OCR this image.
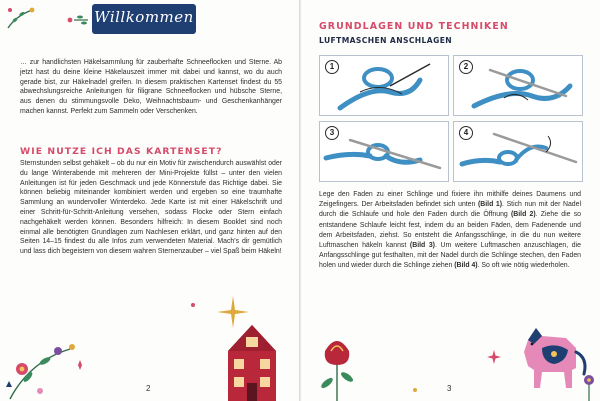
Willkommen

… zur handlichsten Häkelsammlung für zauberhafte Schneeflocken und Sterne. Ab jetzt hast du deine kleine Häkelauszeit immer mit dabei und kannst, wo du auch gerade bist, zur Häkelnadel greifen. In diesem praktischen Kartenset findest du 55 abwechslungsreiche Anleitungen für filigrane Schneeflocken und hübsche Sterne, aus denen du stimmungsvolle Deko, Weihnachtsbaum- und Geschenkanhänger machen kannst. Perfekt zum Sammeln oder Verschenken.

WIE NUTZE ICH DAS KARTENSET?

Sternstunden selbst gehäkelt – ob du nur ein Motiv für zwischendurch auswählst oder du lange Winterabende mit mehreren der Mini-Projekte füllst – unter den vielen Anleitungen ist für jeden Geschmack und jede Könnerstufe das Richtige dabei. Sie können beliebig miteinander kombiniert werden und ergeben so eine traumhafte Sammlung an wundervoller Winterdeko. Jede Karte ist mit einer Häkelschrift und einer Schritt-für-Schritt-Anleitung versehen, sodass Flocke oder Stern einfach nachgehäkelt werden können. Besonders hilfreich: In diesem Booklet sind noch einmal alle benötigten Grundlagen zum Nachlesen erklärt, und ganz hinten auf den Seiten 14–15 findest du alle Infos zum verwendeten Material. Mach's dir gemütlich und lass dich begeistern von diesem wahren Sternenzauber – viel Spaß beim Häkeln!

2
GRUNDLAGEN UND TECHNIKEN
LUFTMASCHEN ANSCHLAGEN
1	2
3	4

Lege den Faden zu einer Schlinge und fixiere ihn mithilfe deines Daumens und Zeigefingers. Der Arbeitsfaden befindet sich unten (Bild 1). Stich nun mit der Nadel durch die Schlaufe und hole den Faden durch die Öffnung (Bild 2). Ziehe die so entstandene Schlaufe leicht fest, indem du an beiden Fäden, dem Fadenende und dem Arbeitsfaden, ziehst. So entsteht die Anfangsschlinge, in die du nun weitere Luftmaschen häkeln kannst (Bild 3). Um weitere Luftmaschen anzuschlagen, die Anfangsschlinge gut festhalten, mit der Nadel durch die Schlinge stechen, den Faden holen und wieder durch die Schlinge ziehen (Bild 4). So oft wie nötig wiederholen.

3
